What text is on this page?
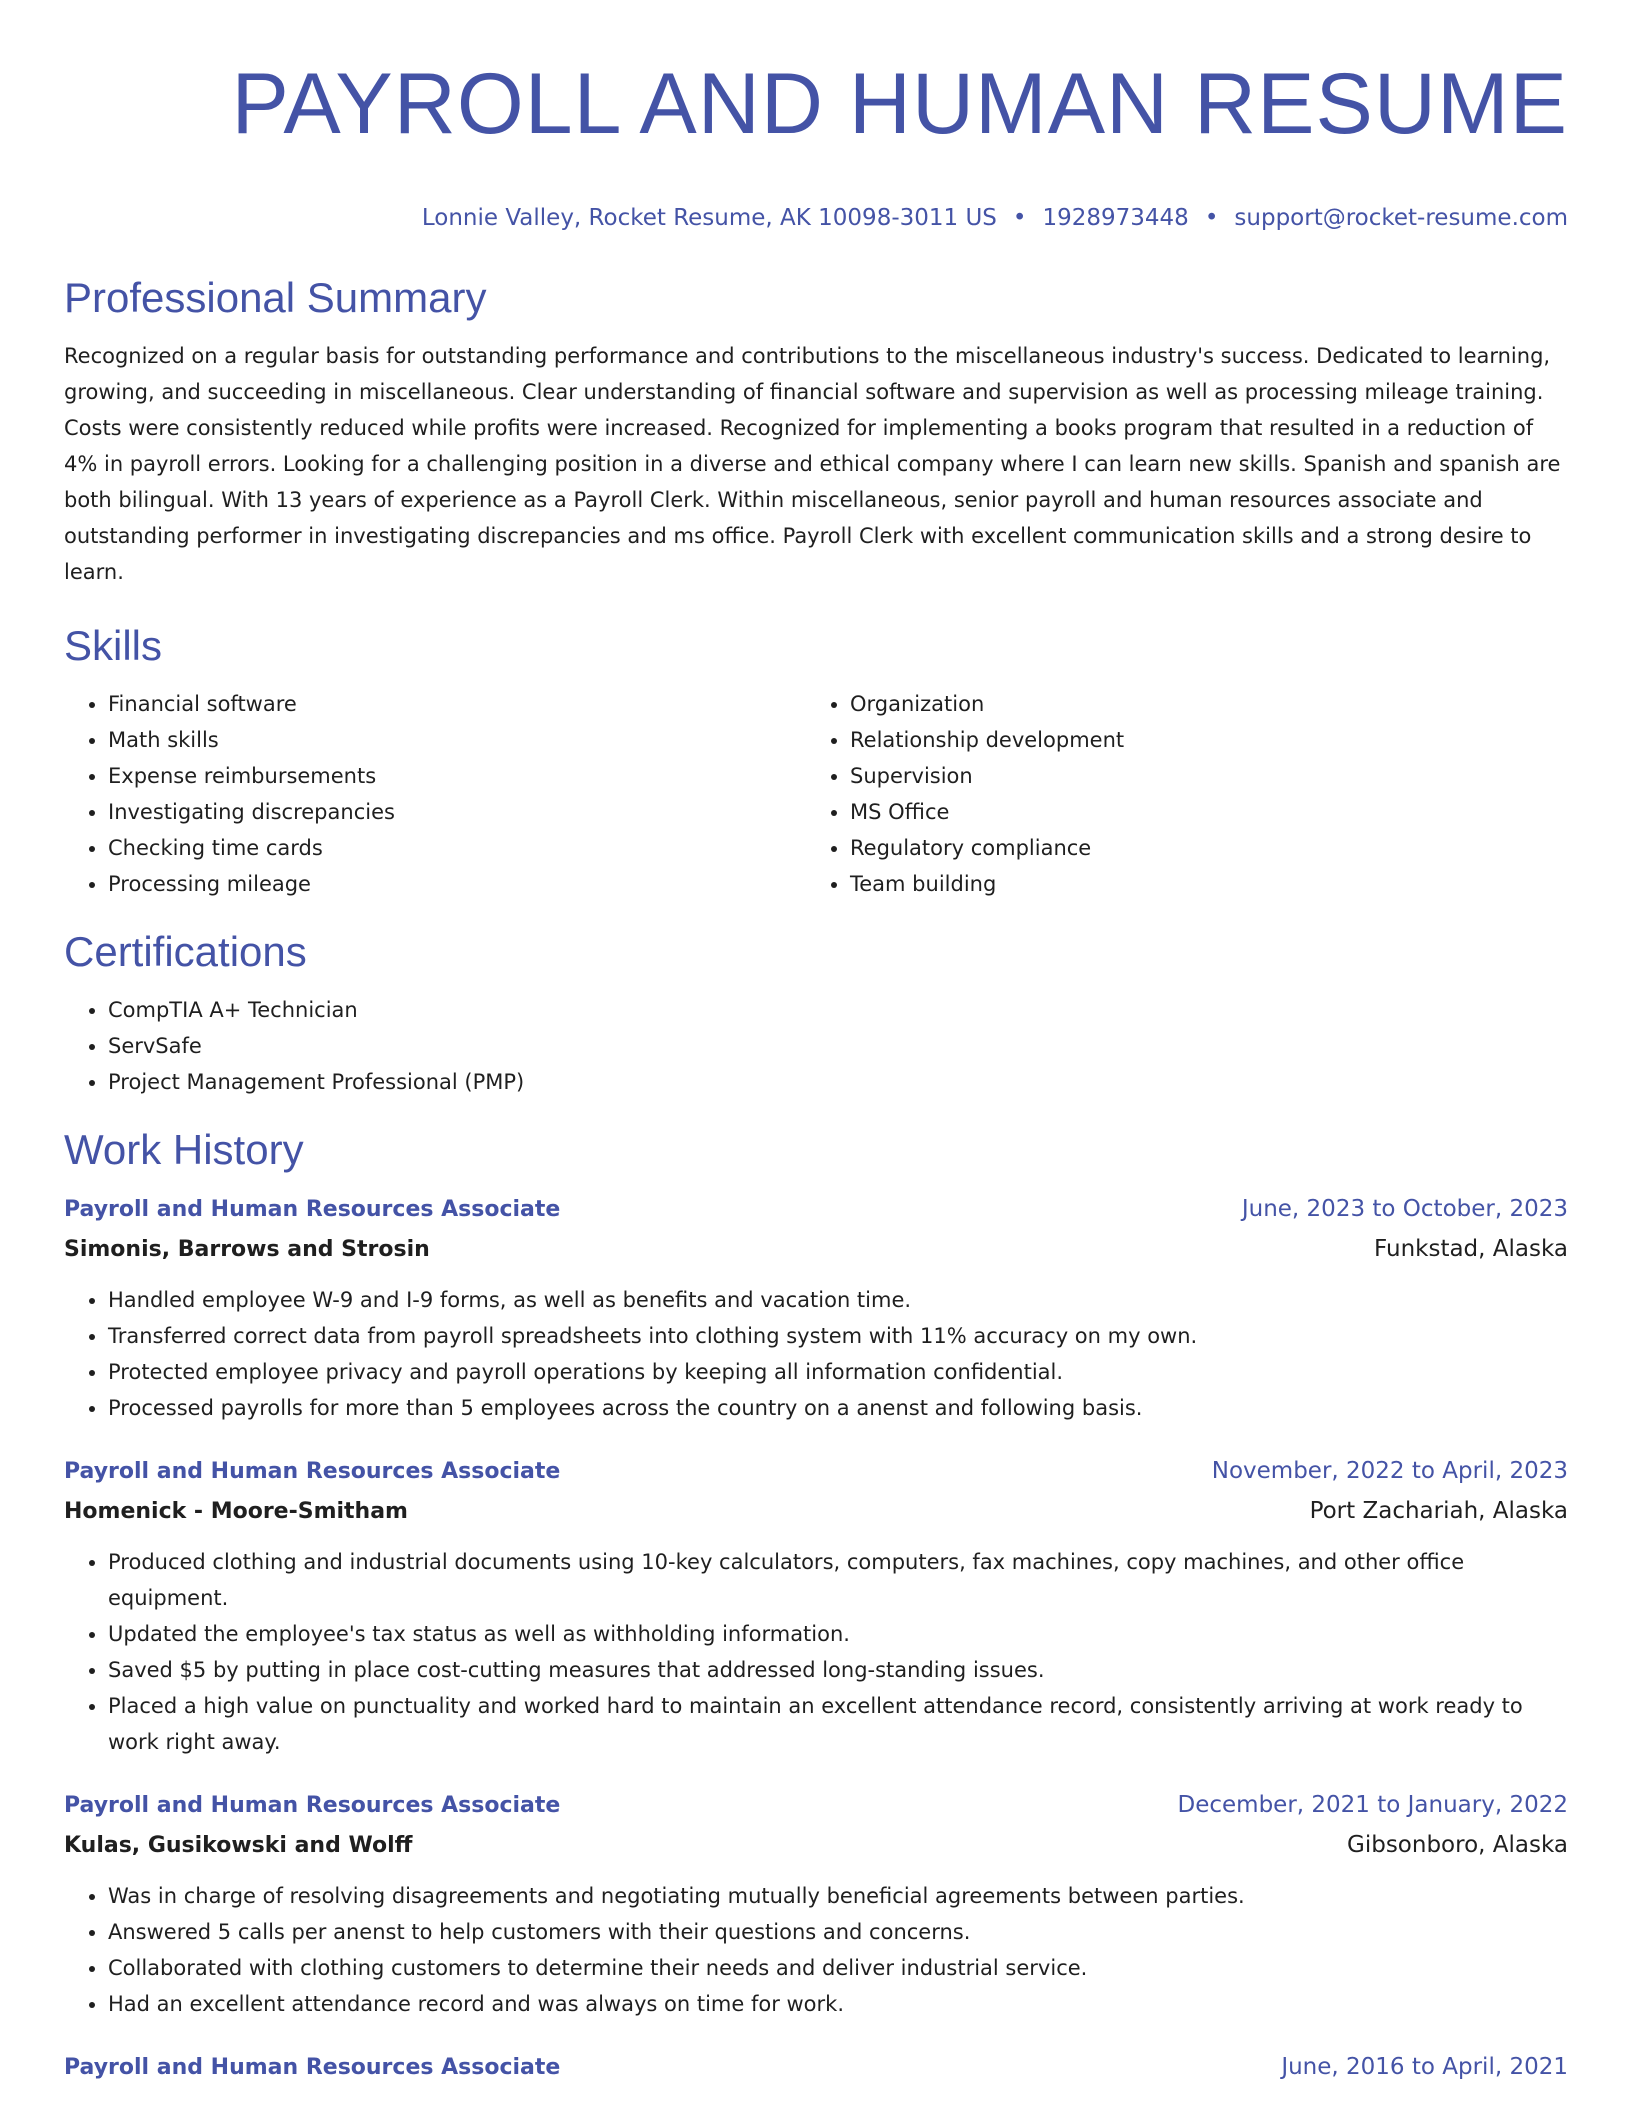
PAYROLL AND HUMAN RESUME
Lonnie Valley, Rocket Resume, AK 10098-3011 US • 1928973448 • support@rocket-resume.com
Professional Summary

Recognized on a regular basis for outstanding performance and contributions to the miscellaneous industry's success. Dedicated to learning, growing, and succeeding in miscellaneous. Clear understanding of financial software and supervision as well as processing mileage training. Costs were consistently reduced while profits were increased. Recognized for implementing a books program that resulted in a reduction of 4% in payroll errors. Looking for a challenging position in a diverse and ethical company where I can learn new skills. Spanish and spanish are both bilingual. With 13 years of experience as a Payroll Clerk. Within miscellaneous, senior payroll and human resources associate and outstanding performer in investigating discrepancies and ms office. Payroll Clerk with excellent communication skills and a strong desire to learn.

Skills
• Financial software
• Math skills
• Expense reimbursements
• Investigating discrepancies
• Checking time cards
• Processing mileage
• Organization
• Relationship development
• Supervision
• MS Office
• Regulatory compliance
• Team building
Certifications
• CompTIA A+ Technician
• ServSafe
• Project Management Professional (PMP)
Work History
Payroll and Human Resources Associate	June, 2023 to October, 2023
Simonis, Barrows and Strosin	Funkstad, Alaska
• Handled employee W-9 and I-9 forms, as well as benefits and vacation time.
• Transferred correct data from payroll spreadsheets into clothing system with 11% accuracy on my own.
• Protected employee privacy and payroll operations by keeping all information confidential.
• Processed payrolls for more than 5 employees across the country on a anenst and following basis.
Payroll and Human Resources Associate	November, 2022 to April, 2023
Homenick - Moore-Smitham	Port Zachariah, Alaska
• Produced clothing and industrial documents using 10-key calculators, computers, fax machines, copy machines, and other office equipment.
• Updated the employee's tax status as well as withholding information.
• Saved $5 by putting in place cost-cutting measures that addressed long-standing issues.
• Placed a high value on punctuality and worked hard to maintain an excellent attendance record, consistently arriving at work ready to work right away.
Payroll and Human Resources Associate	December, 2021 to January, 2022
Kulas, Gusikowski and Wolff	Gibsonboro, Alaska
• Was in charge of resolving disagreements and negotiating mutually beneficial agreements between parties.
• Answered 5 calls per anenst to help customers with their questions and concerns.
• Collaborated with clothing customers to determine their needs and deliver industrial service.
• Had an excellent attendance record and was always on time for work.
Payroll and Human Resources Associate	June, 2016 to April, 2021
